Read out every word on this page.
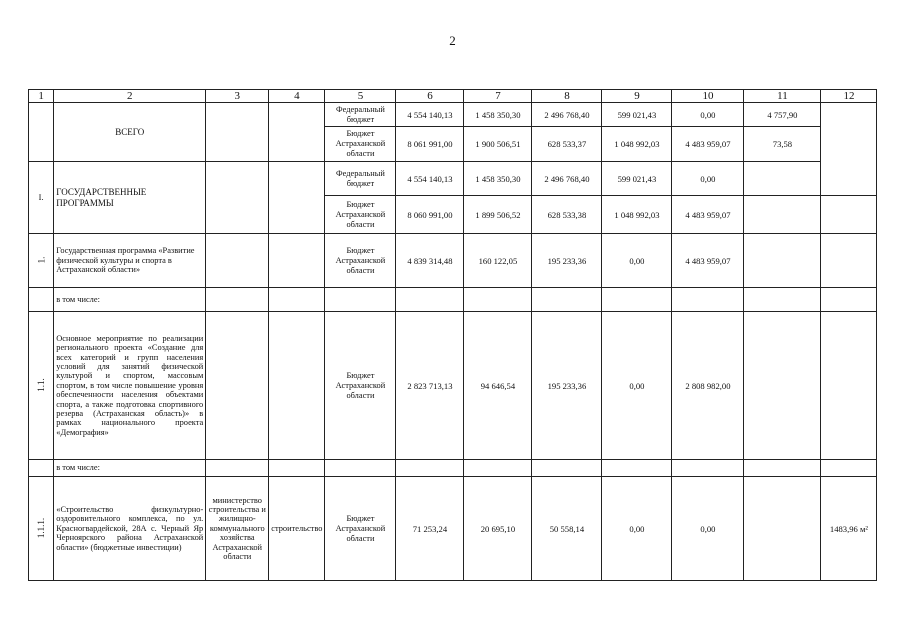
2
1	2	3	4	5	6	7	8	9	10	11	12
	ВСЕГО			Федеральный бюджет	4 554 140,13	1 458 350,30	2 496 768,40	599 021,43	0,00	4 757,90	
				Бюджет Астраханской области	8 061 991,00	1 900 506,51	628 533,37	1 048 992,03	4 483 959,07	73,58	
I.	ГОСУДАРСТВЕННЫЕ ПРОГРАММЫ			Федеральный бюджет	4 554 140,13	1 458 350,30	2 496 768,40	599 021,43	0,00		
				Бюджет Астраханской области	8 060 991,00	1 899 506,52	628 533,38	1 048 992,03	4 483 959,07		
1.	Государственная программа «Развитие физической культуры и спорта в Астраханской области»			Бюджет Астраханской области	4 839 314,48	160 122,05	195 233,36	0,00	4 483 959,07		
	в том числе:										
1.1.	Основное мероприятие по реализации регионального проекта «Создание для всех категорий и групп населения условий для занятий физической культурой и спортом, массовым спортом, в том числе повышение уровня обеспеченности населения объектами спорта, а также подготовка спортивного резерва (Астраханская область)» в рамках национального проекта «Демография»			Бюджет Астраханской области	2 823 713,13	94 646,54	195 233,36	0,00	2 808 982,00		
	в том числе:										
1.1.1.	«Строительство физкультурно-оздоровительного комплекса, по ул. Красногвардейской, 28А с. Черный Яр Черноярского района Астраханской области» (бюджетные инвестиции)	министерство строительства и жилищно-коммунального хозяйства Астраханской области	строительство	Бюджет Астраханской области	71 253,24	20 695,10	50 558,14	0,00	0,00		1483,96 м²
